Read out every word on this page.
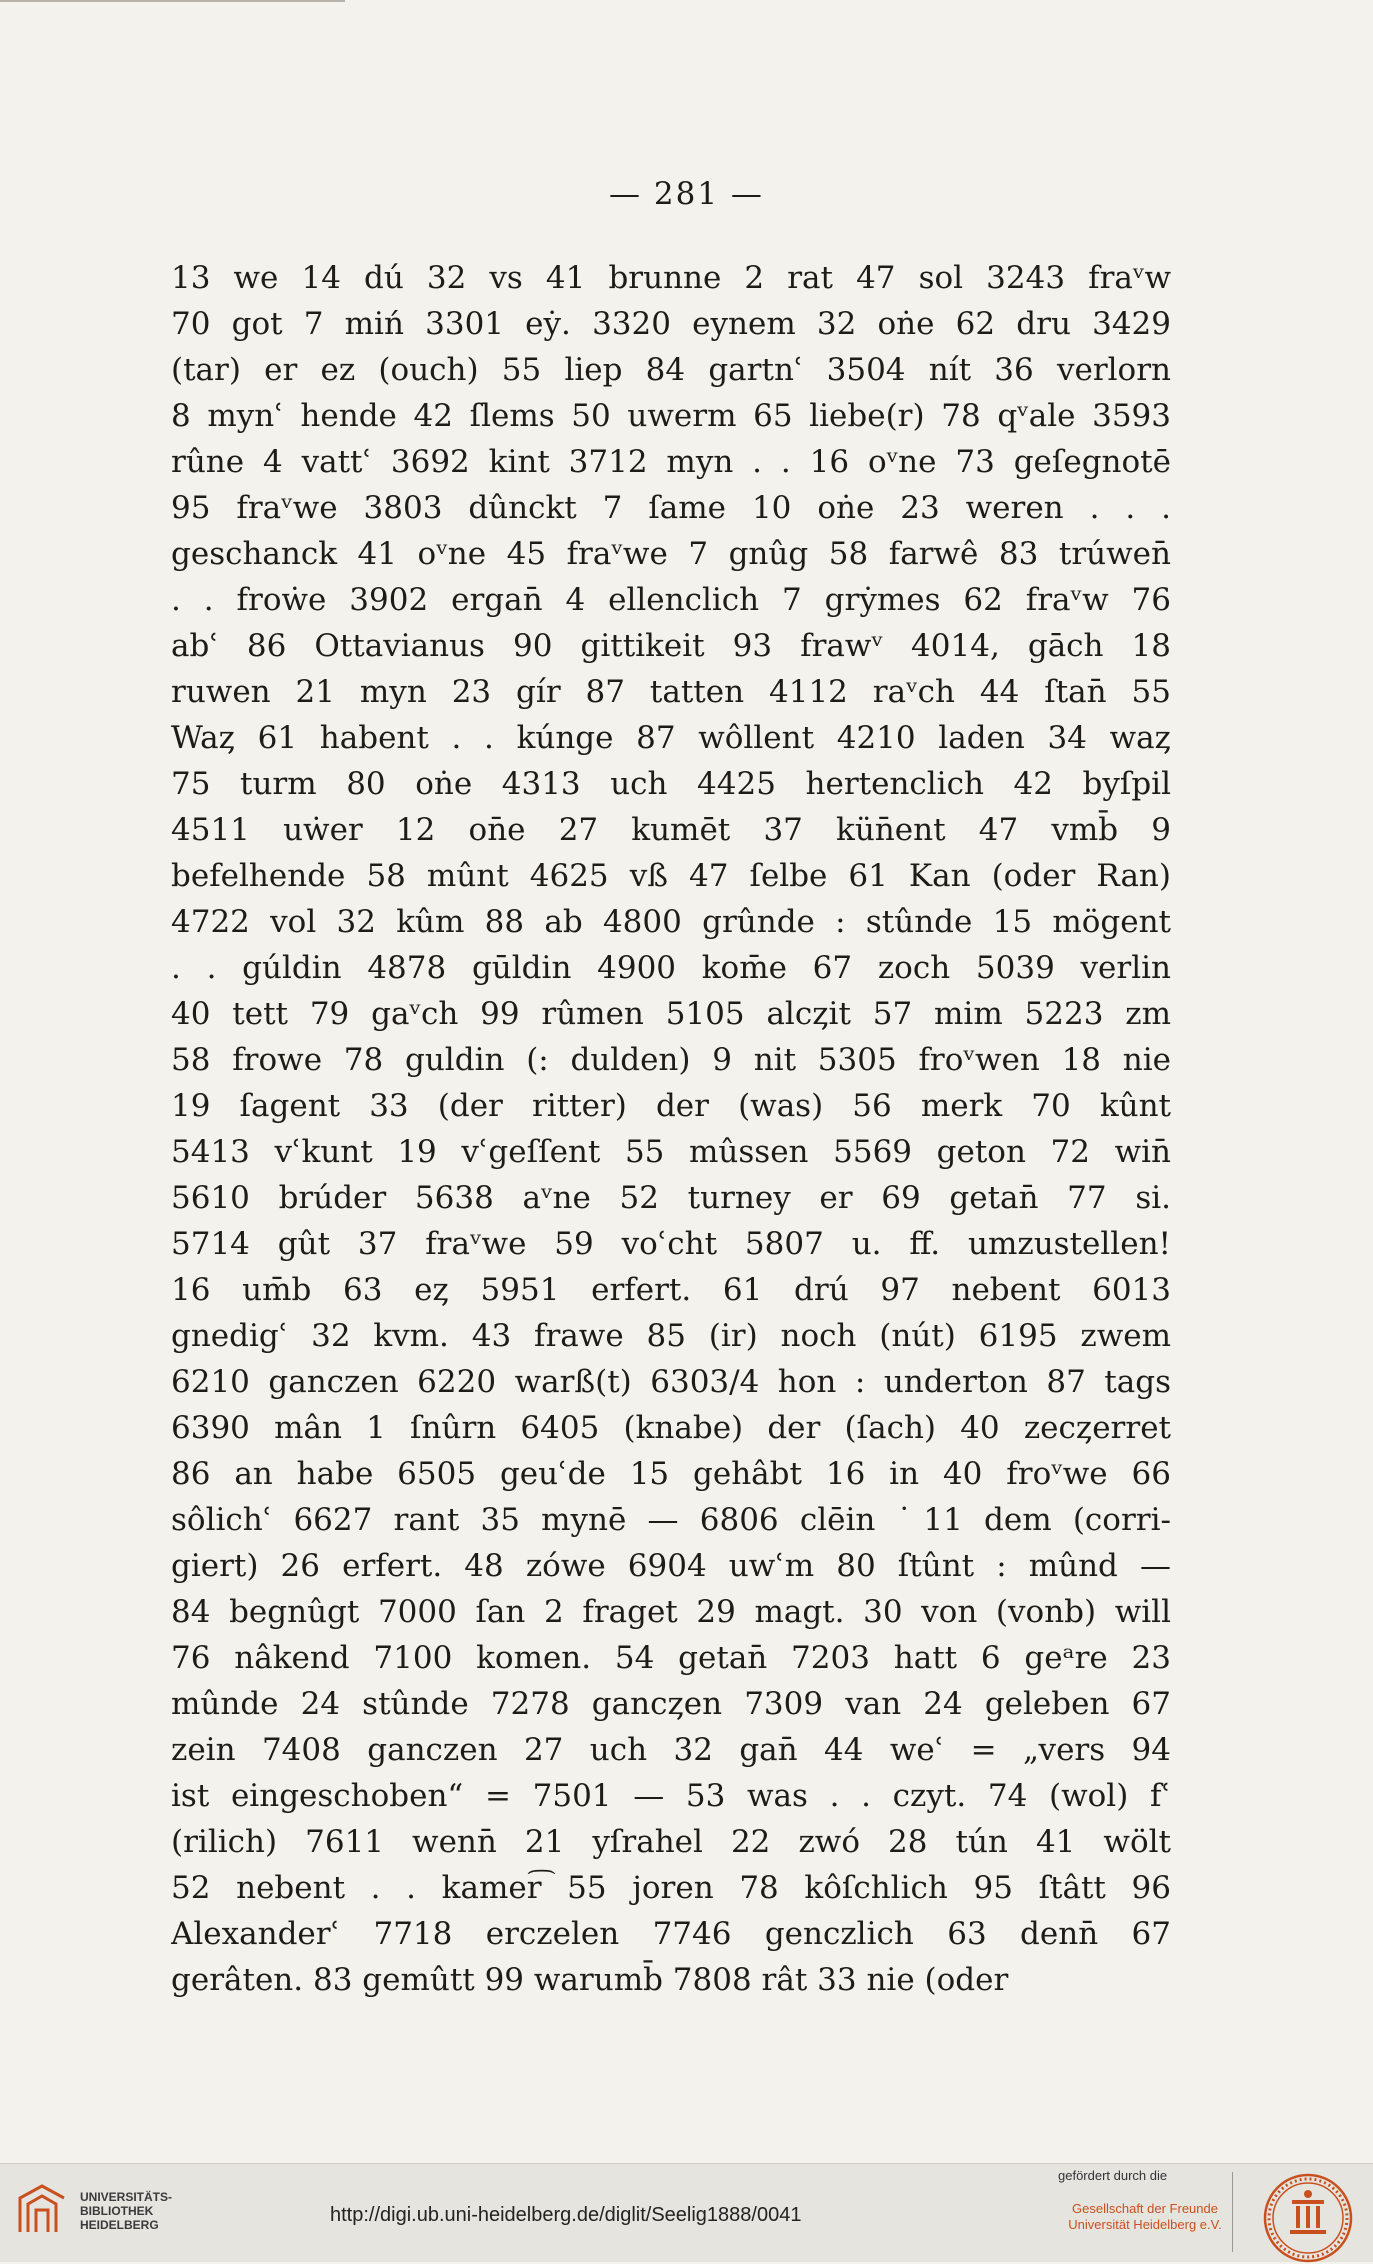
— 281 —
13 we 14 dú 32 vs 41 brunne 2 rat 47 sol 3243 fraᵛw
70 got 7 miń 3301 eẏ. 3320 eynem 32 oṅe 62 dru 3429
(tar) er ez (ouch) 55 liep 84 gartnʿ 3504 nít 36 verlorn
8 mynʿ hende 42 ſlems 50 uwerm 65 liebe(r) 78 qᵛale 3593
rûne 4 vattʿ 3692 kint 3712 myn . . 16 oᵛne 73 geſegnotē
95 fraᵛwe 3803 dûnckt 7 ſame 10 oṅe 23 weren . . .
geschanck 41 oᵛne 45 fraᵛwe 7 gnûg 58 farwê 83 trúwen̄
. . froẇe 3902 ergan̄ 4 ellenclich 7 grẏmes 62 fraᵛw 76
abʿ 86 Ottavianus 90 gittikeit 93 frawᵛ 4014, gāch 18
ruwen 21 myn 23 gír 87 tatten 4112 raᵛch 44 ſtan̄ 55
Waȥ 61 habent . . kúnge 87 wôllent 4210 laden 34 waȥ
75 turm 80 oṅe 4313 uch 4425 hertenclich 42 byſpil
4511 uẇer 12 on̄e 27 kumēt 37 kün̄ent 47 vmb̄ 9
befelhende 58 mûnt 4625 vß 47 ſelbe 61 Kan (oder Ran)
4722 vol 32 kûm 88 ab 4800 grûnde : stûnde 15 mögent
. . gúldin 4878 gūldin 4900 kom̄e 67 zoch 5039 verlin
40 tett 79 gaᵛch 99 rûmen 5105 alcȥit 57 mim 5223 zm
58 frowe 78 guldin (: dulden) 9 nit 5305 froᵛwen 18 nie
19 ſagent 33 (der ritter) der (was) 56 merk 70 kûnt
5413 vʿkunt 19 vʿgeſſent 55 mûssen 5569 geton 72 win̄
5610 brúder 5638 aᵛne 52 turney er 69 getan̄ 77 si.
5714 gût 37 fraᵛwe 59 voʿcht 5807 u. ff. umzustellen!
16 um̄b 63 eȥ 5951 erfert. 61 drú 97 nebent 6013
gnedigʿ 32 kvm. 43 frawe 85 (ir) noch (nút) 6195 zwem
6210 ganczen 6220 warß(t) 6303/4 hon : underton 87 tags
6390 mân 1 ſnûrn 6405 (knabe) der (ſach) 40 zecȥerret
86 an habe 6505 geuʿde 15 gehâbt 16 in 40 froᵛwe 66
sôlichʿ 6627 rant 35 mynē — 6806 clēin ˙11 dem (corri-
giert) 26 erfert. 48 zówe 6904 uwʿm 80 ſtûnt : mûnd —
84 begnûgt 7000 ſan 2 fraget 29 magt. 30 von (vonb) will
76 nâkend 7100 komen. 54 getan̄ 7203 hatt 6 geᵃre 23
mûnde 24 stûnde 7278 gancȥen 7309 van 24 geleben 67
zein 7408 ganczen 27 uch 32 gan̄ 44 weʿ = „vers 94
ist eingeschoben“ = 7501 — 53 was . . czyt. 74 (wol) fʿ
(rilich) 7611 wenn̄ 21 yſrahel 22 zwó 28 tún 41 wölt
52 nebent . . kamer͡ 55 joren 78 kôſchlich 95 ſtâtt 96
Alexanderʿ 7718 erczelen 7746 genczlich 63 denn̄ 67
gerâten. 83 gemûtt 99 warumb̄ 7808 rât 33 nie (oder
UNIVERSITÄTS-
BIBLIOTHEK
HEIDELBERG	http://digi.ub.uni-heidelberg.de/diglit/Seelig1888/0041
gefördert durch die
Gesellschaft der Freunde
Universität Heidelberg e.V.
